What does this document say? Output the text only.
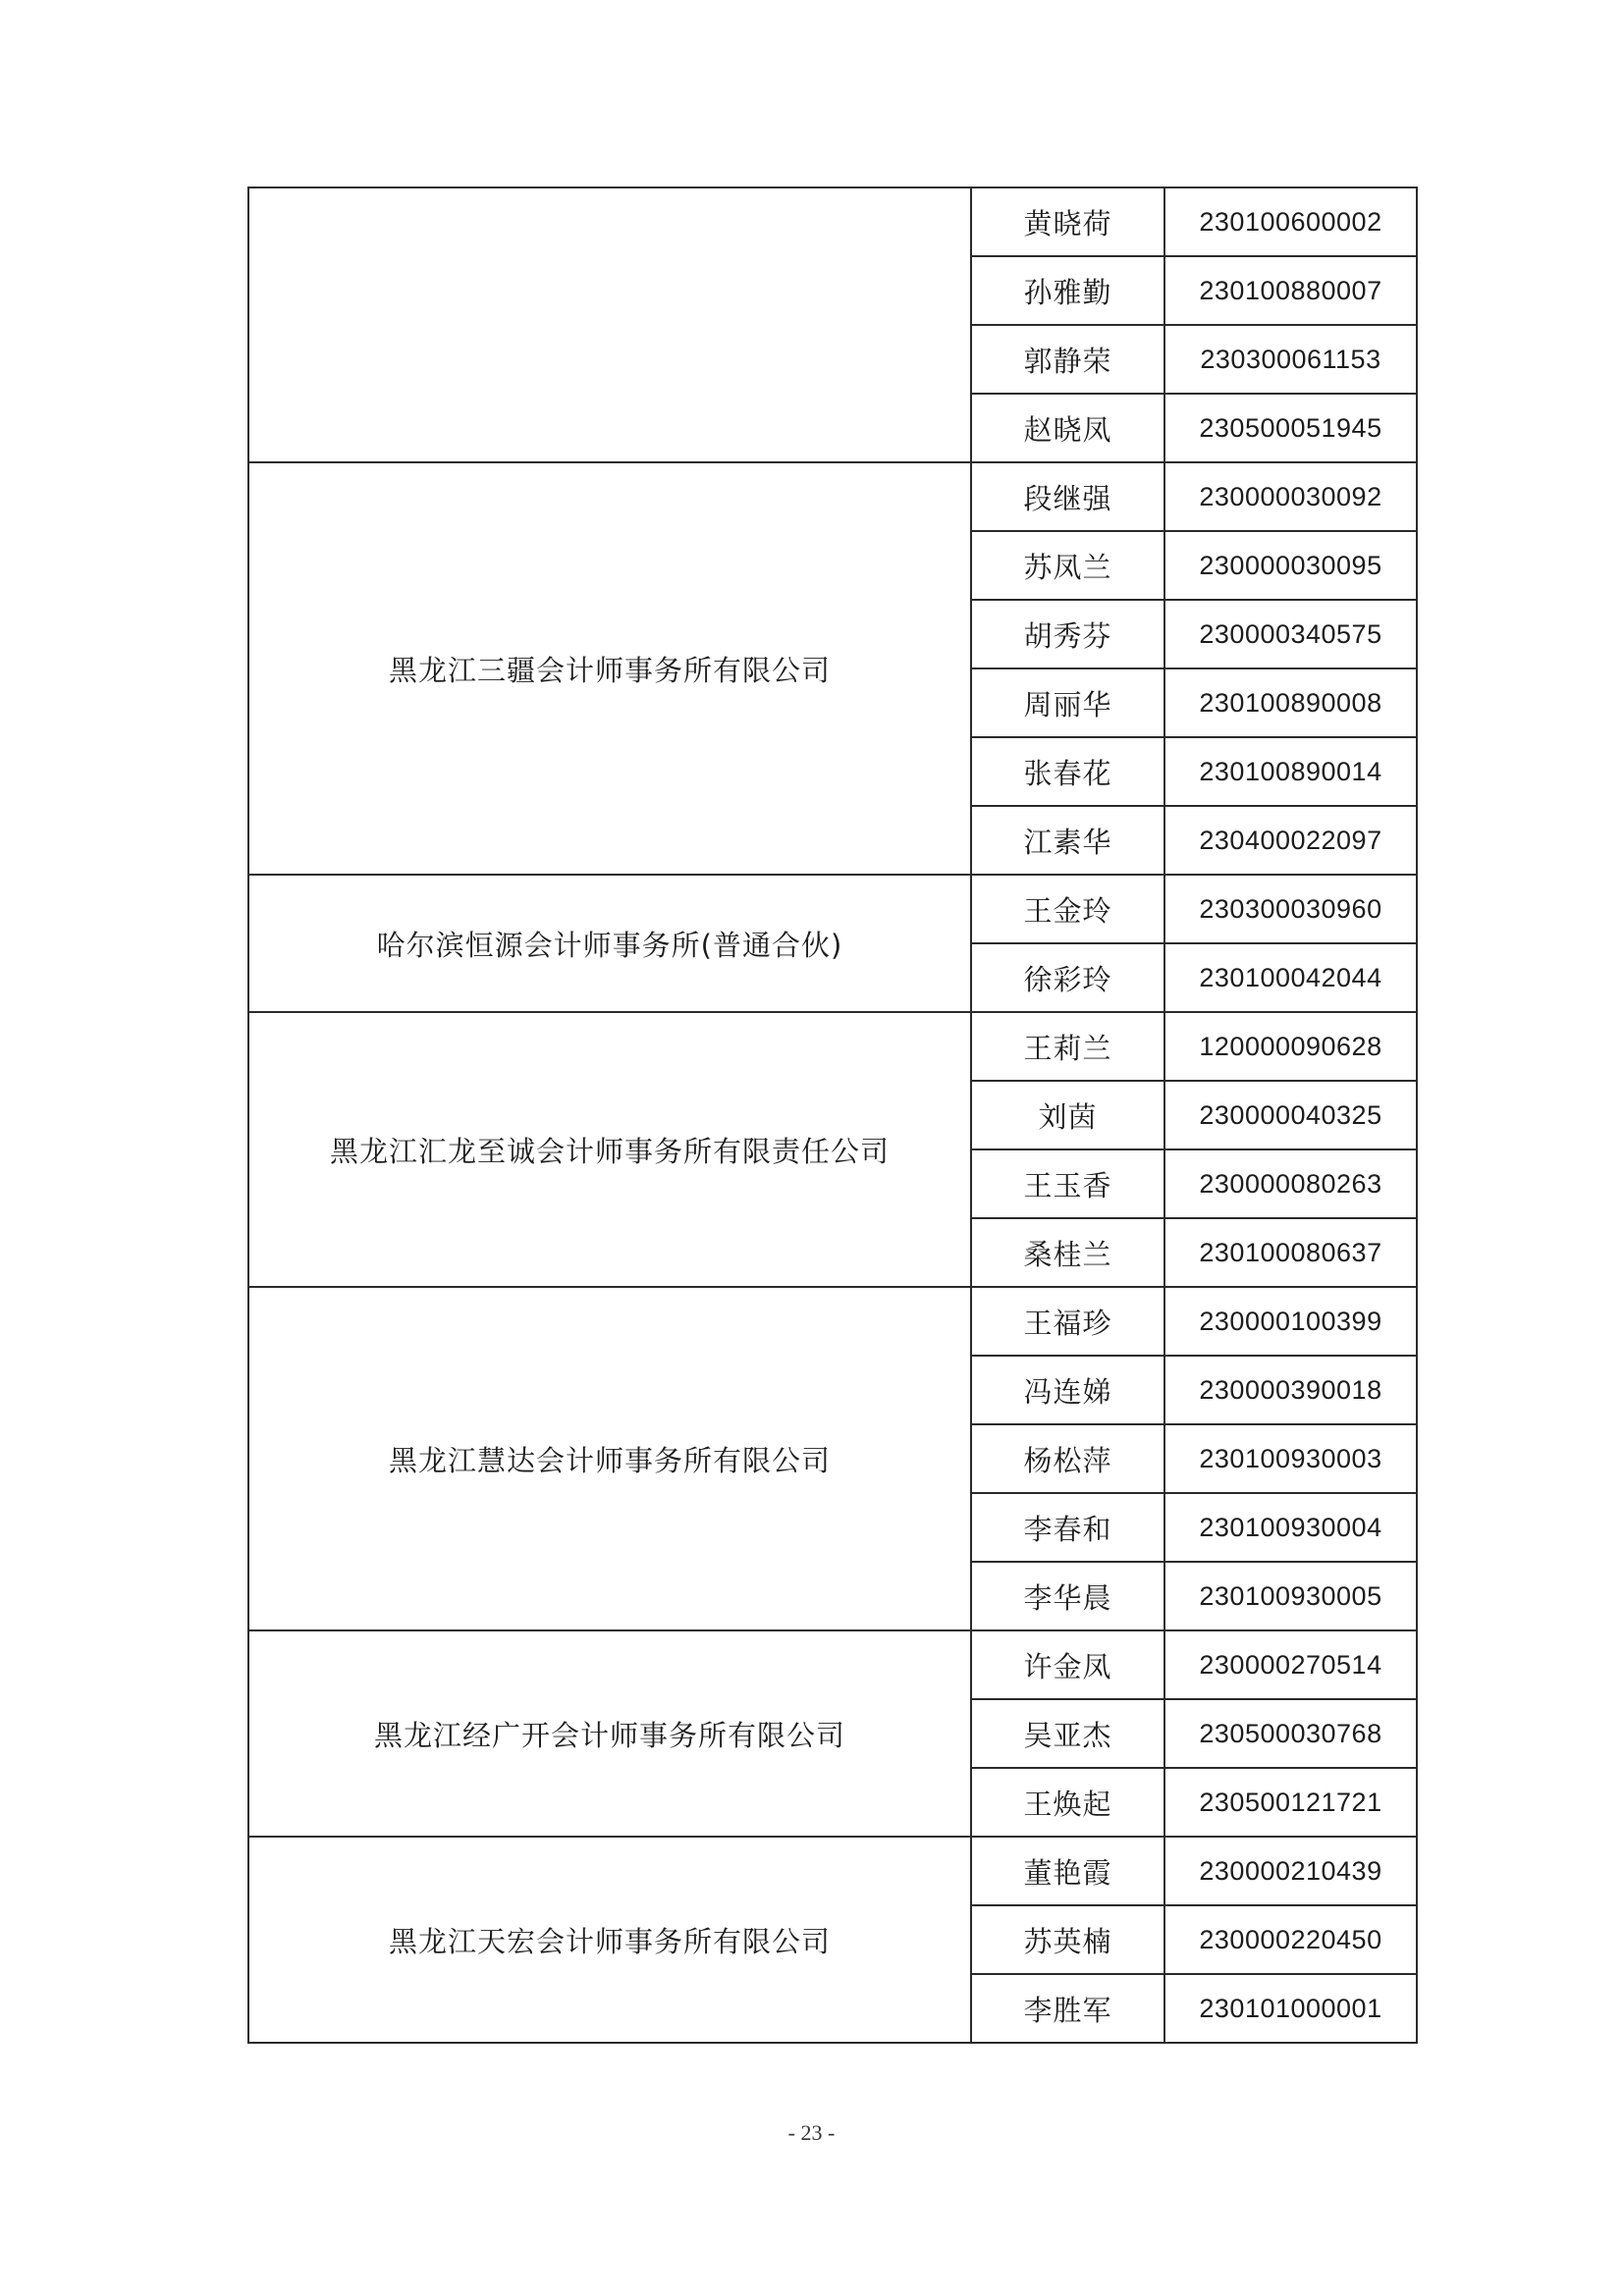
	黄晓荷	230100600002
	孙雅勤	230100880007
	郭静荣	230300061153
	赵晓凤	230500051945
黑龙江三疆会计师事务所有限公司	段继强	230000030092
	苏凤兰	230000030095
	胡秀芬	230000340575
	周丽华	230100890008
	张春花	230100890014
	江素华	230400022097
哈尔滨恒源会计师事务所(普通合伙)	王金玲	230300030960
	徐彩玲	230100042044
黑龙江汇龙至诚会计师事务所有限责任公司	王莉兰	120000090628
	刘茵	230000040325
	王玉香	230000080263
	桑桂兰	230100080637
黑龙江慧达会计师事务所有限公司	王福珍	230000100399
	冯连娣	230000390018
	杨松萍	230100930003
	李春和	230100930004
	李华晨	230100930005
黑龙江经广开会计师事务所有限公司	许金凤	230000270514
	吴亚杰	230500030768
	王焕起	230500121721
黑龙江天宏会计师事务所有限公司	董艳霞	230000210439
	苏英楠	230000220450
	李胜军	230101000001
- 23 -
